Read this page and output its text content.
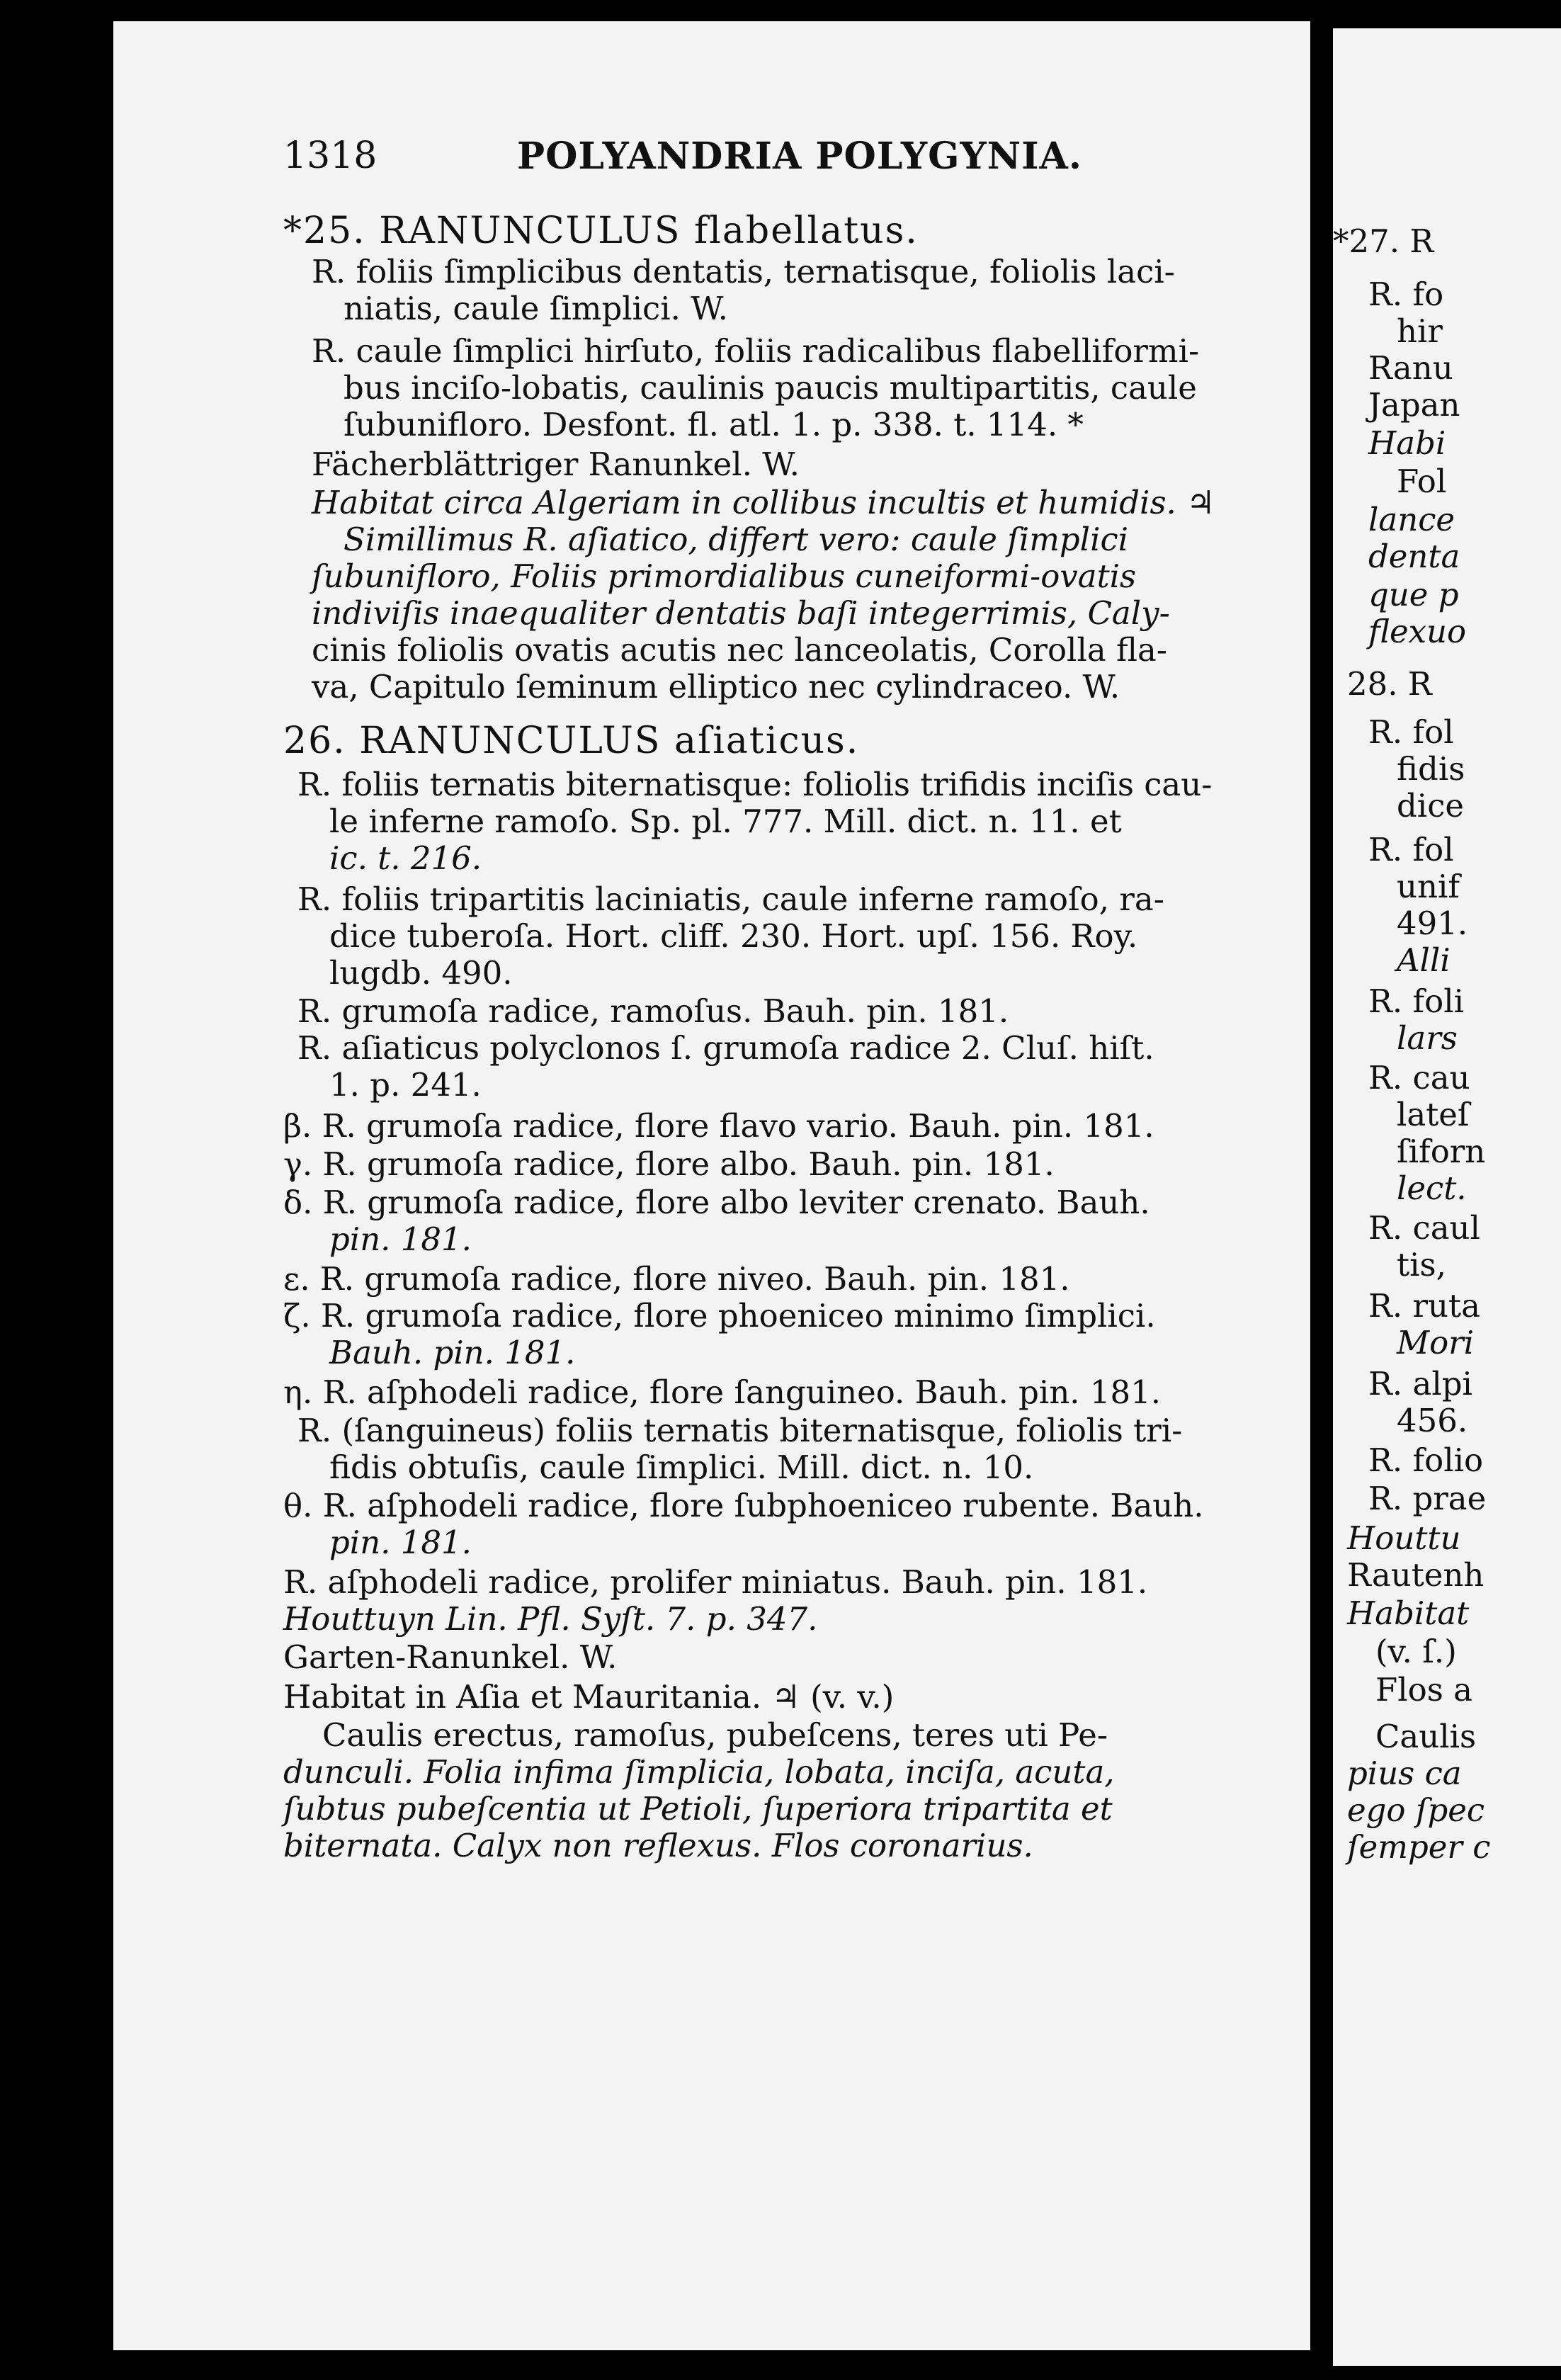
1318	POLYANDRIA POLYGYNIA.
*25. RANUNCULUS flabellatus.
R. foliis ſimplicibus dentatis, ternatisque, foliolis laci-
niatis, caule ſimplici. W.
R. caule ſimplici hirſuto, foliis radicalibus flabelliformi-
bus inciſo-lobatis, caulinis paucis multipartitis, caule
ſubunifloro. Desfont. fl. atl. 1. p. 338. t. 114. *
Fächerblättriger Ranunkel. W.
Habitat circa Algeriam in collibus incultis et humidis. ♃
Simillimus R. aſiatico, differt vero: caule ſimplici
ſubunifloro, Foliis primordialibus cuneiformi-ovatis
indiviſis inaequaliter dentatis baſi integerrimis, Caly-
cinis foliolis ovatis acutis nec lanceolatis, Corolla fla-
va, Capitulo ſeminum elliptico nec cylindraceo. W.
26. RANUNCULUS aſiaticus.
R. foliis ternatis biternatisque: foliolis trifidis inciſis cau-
le inferne ramoſo. Sp. pl. 777. Mill. dict. n. 11. et
ic. t. 216.
R. foliis tripartitis laciniatis, caule inferne ramoſo, ra-
dice tuberoſa. Hort. cliff. 230. Hort. upſ. 156. Roy.
lugdb. 490.
R. grumoſa radice, ramoſus. Bauh. pin. 181.
R. aſiaticus polyclonos ſ. grumoſa radice 2. Cluſ. hiſt.
1. p. 241.
β. R. grumoſa radice, flore flavo vario. Bauh. pin. 181.
γ. R. grumoſa radice, flore albo. Bauh. pin. 181.
δ. R. grumoſa radice, flore albo leviter crenato. Bauh.
pin. 181.
ε. R. grumoſa radice, flore niveo. Bauh. pin. 181.
ζ. R. grumoſa radice, flore phoeniceo minimo ſimplici.
Bauh. pin. 181.
η. R. aſphodeli radice, flore ſanguineo. Bauh. pin. 181.
R. (ſanguineus) foliis ternatis biternatisque, foliolis tri-
fidis obtuſis, caule ſimplici. Mill. dict. n. 10.
θ. R. aſphodeli radice, flore ſubphoeniceo rubente. Bauh.
pin. 181.
R. aſphodeli radice, prolifer miniatus. Bauh. pin. 181.
Houttuyn Lin. Pfl. Syſt. 7. p. 347.
Garten-Ranunkel. W.
Habitat in Aſia et Mauritania. ♃ (v. v.)
Caulis erectus, ramoſus, pubeſcens, teres uti Pe-
dunculi. Folia infima ſimplicia, lobata, inciſa, acuta,
ſubtus pubeſcentia ut Petioli, ſuperiora tripartita et
biternata. Calyx non reflexus. Flos coronarius.
*27. R
R. fo
hir
Ranu
Japan
Habi
Fol
lance
denta
que p
flexuo
28. R
R. fol
fidis
dice
R. fol
unif
491.
Alli
R. foli
lars
R. cau
lateſ
ſiforn
lect.
R. caul
tis,
R. ruta
Mori
R. alpi
456.
R. folio
R. prae
Houttu
Rautenh
Habitat
(v. ſ.)
Flos a
Caulis
pius ca
ego ſpec
ſemper c
